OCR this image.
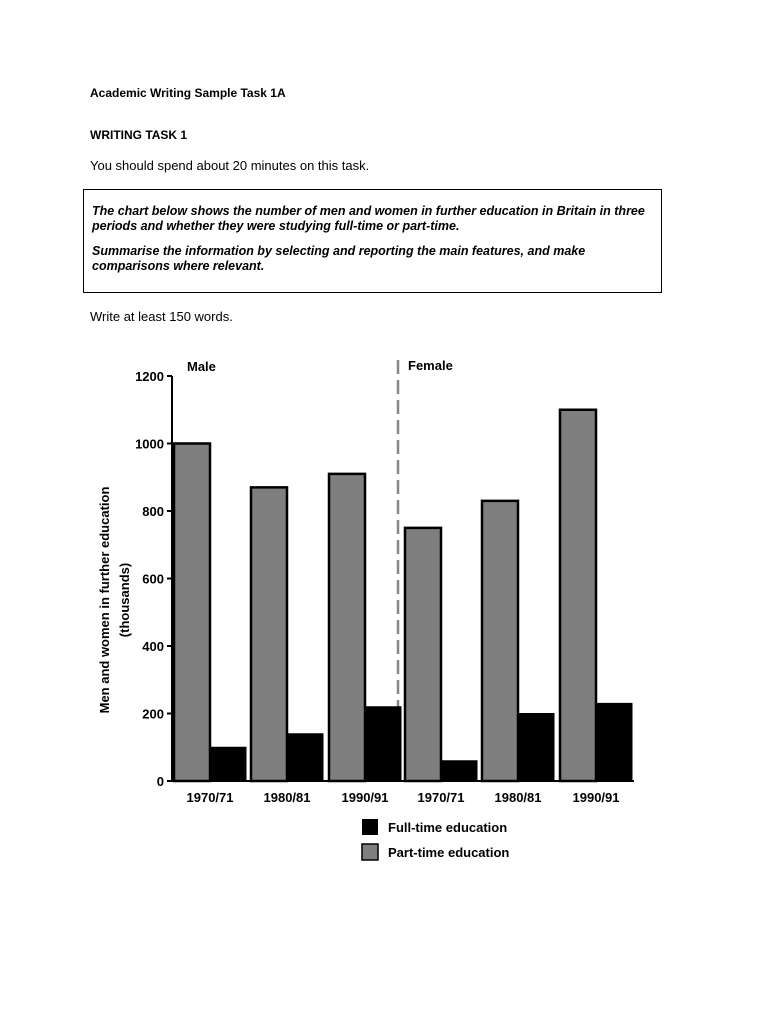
Academic Writing Sample Task 1A
WRITING TASK 1
You should spend about 20 minutes on this task.

The chart below shows the number of men and women in further education in Britain in three periods and whether they were studying full-time or part-time.

Summarise the information by selecting and reporting the main features, and make comparisons where relevant.

Write at least 150 words.
0
200
400
600
800
1000
1200
Men and women in further education (thousands)
Male	Female
1970/71 1980/81 1990/91 1970/71 1980/81 1990/91
Full-time education
Part-time education
